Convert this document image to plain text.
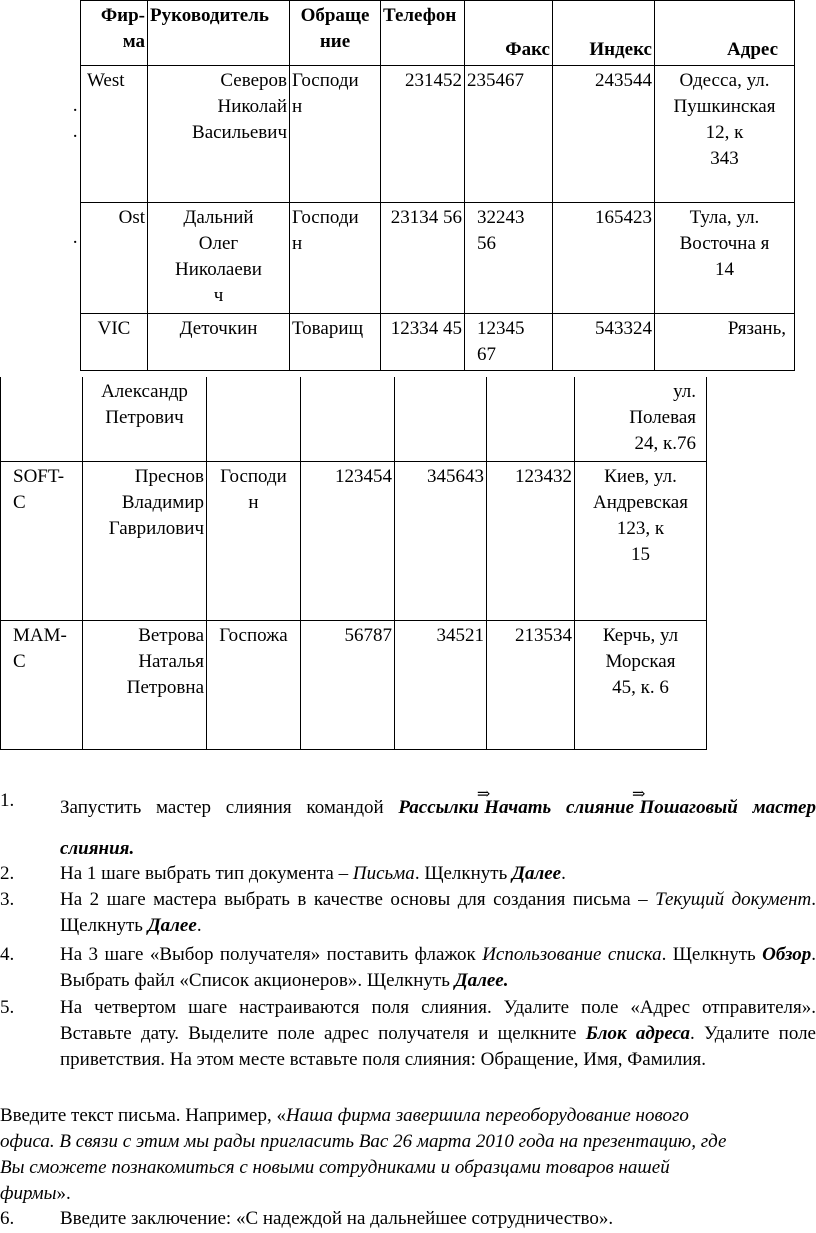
·
·
·
Фир-
ма	Руководитель	Обраще
ние	Телефон	Факс	Индекс	Адрес
West	Северов
Николай
Васильевич	Господи
н	231452	235467	243544	Одесса, ул.
Пушкинская
12, к
343
Ost	Дальний
Олег
Николаеви
ч	Господи
н	23134 56	32243
56	165423	Тула, ул.
Восточна я
14
VIC	Деточкин	Товарищ	12334 45	12345
67	543324	Рязань,
	Александр
Петрович					ул.
Полевая
24, к.76
SOFT-
C	Преснов
Владимир
Гаврилович	Господи
н	123454	345643	123432	Киев, ул.
Андревская
123, к
15
MAM-
C	Ветрова
Наталья
Петровна	Госпожа	56787	34521	213534	Керчь, ул
Морская
45, к. 6
1. Запустить мастер слияния командой Рассылки⇒Начать слияние⇒Пошаговый мастер слияния.
2. На 1 шаге выбрать тип документа – Письма. Щелкнуть Далее.
3. На 2 шаге мастера выбрать в качестве основы для создания письма – Текущий документ. Щелкнуть Далее.
4. На 3 шаге «Выбор получателя» поставить флажок Использование списка. Щелкнуть Обзор. Выбрать файл «Список акционеров». Щелкнуть Далее.
5. На четвертом шаге настраиваются поля слияния. Удалите поле «Адрес отправителя». Вставьте дату. Выделите поле адрес получателя и щелкните Блок адреса. Удалите поле приветствия. На этом месте вставьте поля слияния: Обращение, Имя, Фамилия.
Введите текст письма. Например, «Наша фирма завершила переоборудование нового офиса. В связи с этим мы рады пригласить Вас 26 марта 2010 года на презентацию, где Вы сможете познакомиться с новыми сотрудниками и образцами товаров нашей фирмы».
6. Введите заключение: «С надеждой на дальнейшее сотрудничество».
